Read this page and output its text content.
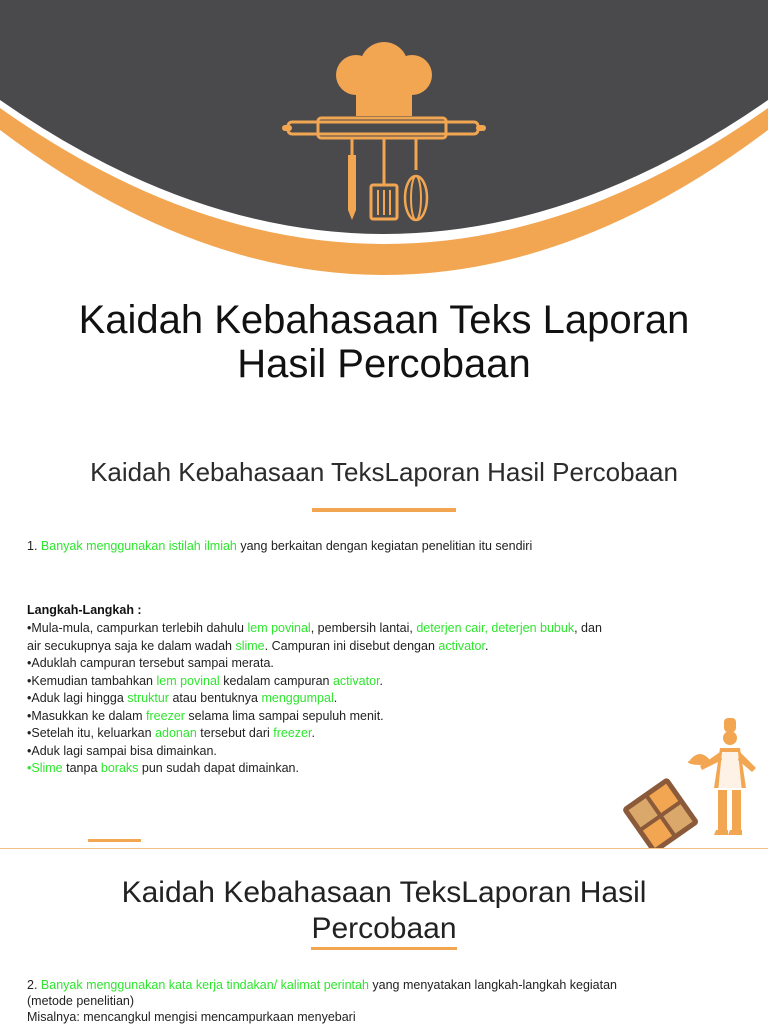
Kaidah Kebahasaan Teks Laporan
Hasil Percobaan
Kaidah Kebahasaan TeksLaporan Hasil Percobaan
1. Banyak menggunakan istilah ilmiah yang berkaitan dengan kegiatan penelitian itu sendiri
Langkah-Langkah :
•Mula-mula, campurkan terlebih dahulu lem povinal, pembersih lantai, deterjen cair, deterjen bubuk, dan
air secukupnya saja ke dalam wadah slime. Campuran ini disebut dengan activator.
•Aduklah campuran tersebut sampai merata.
•Kemudian tambahkan lem povinal kedalam campuran activator.
•Aduk lagi hingga struktur atau bentuknya menggumpal.
•Masukkan ke dalam freezer selama lima sampai sepuluh menit.
•Setelah itu, keluarkan adonan tersebut dari freezer.
•Aduk lagi sampai bisa dimainkan.
•Slime tanpa boraks pun sudah dapat dimainkan.
Kaidah Kebahasaan TeksLaporan Hasil
Percobaan
2. Banyak menggunakan kata kerja tindakan/ kalimat perintah yang menyatakan langkah-langkah kegiatan
(metode penelitian)
Misalnya: mencangkul mengisi mencampurkaan menyebari
